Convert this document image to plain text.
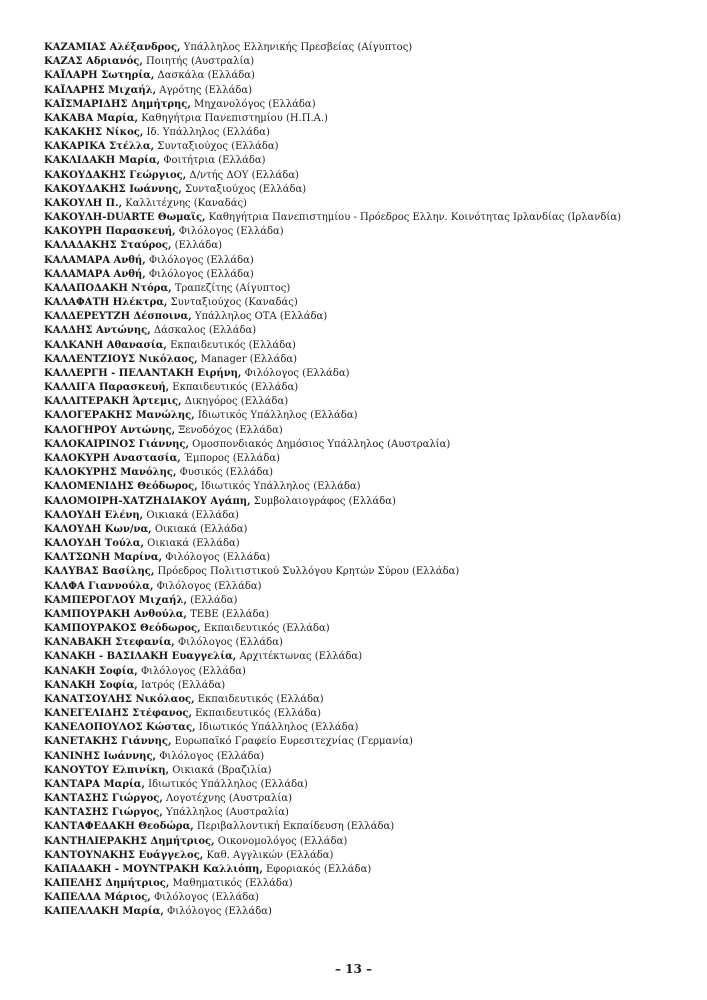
ΚΑΖΑΜΙΑΣ Αλέξανδρος, Υπάλληλος Ελληνικής Πρεσβείας (Αίγυπτος)
ΚΑΖΑΣ Αδριανός, Ποιητής (Αυστραλία)
ΚΑΪΛΑΡΗ Σωτηρία, Δασκάλα (Ελλάδα)
ΚΑΪΛΑΡΗΣ Μιχαήλ, Αγρότης (Ελλάδα)
ΚΑΪΣΜΑΡΙΔΗΣ Δημήτρης, Μηχανολόγος (Ελλάδα)
ΚΑΚΑΒΑ Μαρία, Καθηγήτρια Πανεπιστημίου (Η.Π.Α.)
ΚΑΚΑΚΗΣ Νίκος, Ιδ. Υπάλληλος (Ελλάδα)
ΚΑΚΑΡΙΚΑ Στέλλα, Συνταξιούχος (Ελλάδα)
ΚΑΚΛΙΔΑΚΗ Μαρία, Φοιτήτρια (Ελλάδα)
ΚΑΚΟΥΔΑΚΗΣ Γεώργιος, Δ/ντής ΔΟΥ (Ελλάδα)
ΚΑΚΟΥΔΑΚΗΣ Ιωάννης, Συνταξιούχος (Ελλάδα)
ΚΑΚΟΥΛΗ Π., Καλλιτέχνης (Καναδάς)
ΚΑΚΟΥΛΗ-DUARTE Θωμαΐς, Καθηγήτρια Πανεπιστημίου - Πρόεδρος Ελλην. Κοινότητας Ιρλανδίας (Ιρλανδία)
ΚΑΚΟΥΡΗ Παρασκευή, Φιλόλογος (Ελλάδα)
ΚΑΛΑΔΑΚΗΣ Σταύρος, (Ελλάδα)
ΚΑΛΑΜΑΡΑ Ανθή, Φιλόλογος (Ελλάδα)
ΚΑΛΑΜΑΡΑ Ανθή, Φιλόλογος (Ελλάδα)
ΚΑΛΑΠΟΔΑΚΗ Ντόρα, Τραπεζίτης (Αίγυπτος)
ΚΑΛΑΦΑΤΗ Ηλέκτρα, Συνταξιούχος (Καναδάς)
ΚΑΛΔΕΡΕΥΤΖΗ Δέσποινα, Υπάλληλος ΟΤΑ (Ελλάδα)
ΚΑΛΔΗΣ Αντώνης, Δάσκαλος (Ελλάδα)
ΚΑΛΚΑΝΗ Αθανασία, Εκπαιδευτικός (Ελλάδα)
ΚΑΛΛΕΝΤΖΙΟΥΣ Νικόλαος, Manager (Ελλάδα)
ΚΑΛΛΕΡΓΗ - ΠΕΛΑΝΤΑΚΗ Ειρήνη, Φιλόλογος (Ελλάδα)
ΚΑΛΛΙΓΑ Παρασκευή, Εκπαιδευτικός (Ελλάδα)
ΚΑΛΛΙΤΕΡΑΚΗ Άρτεμις, Δικηγόρος (Ελλάδα)
ΚΑΛΟΓΕΡΑΚΗΣ Μανώλης, Ιδιωτικός Υπάλληλος (Ελλάδα)
ΚΑΛΟΓΗΡΟΥ Αντώνης, Ξενοδόχος (Ελλάδα)
ΚΑΛΟΚΑΙΡΙΝΟΣ Γιάννης, Ομοσπονδιακός Δημόσιος Υπάλληλος (Αυστραλία)
ΚΑΛΟΚΥΡΗ Αναστασία, Έμπορος (Ελλάδα)
ΚΑΛΟΚΥΡΗΣ Μανόλης, Φυσικός (Ελλάδα)
ΚΑΛΟΜΕΝΙΔΗΣ Θεόδωρος, Ιδιωτικός Υπάλληλος (Ελλάδα)
ΚΑΛΟΜΟΙΡΗ-ΧΑΤΖΗΔΙΑΚΟΥ Αγάπη, Συμβολαιογράφος (Ελλάδα)
ΚΑΛΟΥΔΗ Ελένη, Οικιακά (Ελλάδα)
ΚΑΛΟΥΔΗ Κων/να, Οικιακά (Ελλάδα)
ΚΑΛΟΥΔΗ Τούλα, Οικιακά (Ελλάδα)
ΚΑΛΤΣΩΝΗ Μαρίνα, Φιλόλογος (Ελλάδα)
ΚΑΛΥΒΑΣ Βασίλης, Πρόεδρος Πολιτιστικού Συλλόγου Κρητών Σύρου (Ελλάδα)
ΚΑΛΦΑ Γιαννούλα, Φιλόλογος (Ελλάδα)
ΚΑΜΠΕΡΟΓΛΟΥ Μιχαήλ, (Ελλάδα)
ΚΑΜΠΟΥΡΑΚΗ Ανθούλα, ΤΕΒΕ (Ελλάδα)
ΚΑΜΠΟΥΡΑΚΟΣ Θεόδωρος, Εκπαιδευτικός (Ελλάδα)
ΚΑΝΑΒΑΚΗ Στεφανία, Φιλόλογος (Ελλάδα)
ΚΑΝΑΚΗ - ΒΑΣΙΛΑΚΗ Ευαγγελία, Αρχιτέκτωνας (Ελλάδα)
ΚΑΝΑΚΗ Σοφία, Φιλόλογος (Ελλάδα)
ΚΑΝΑΚΗ Σοφία, Ιατρός (Ελλάδα)
ΚΑΝΑΤΣΟΥΛΗΣ Νικόλαος, Εκπαιδευτικός (Ελλάδα)
ΚΑΝΕΓΕΛΙΔΗΣ Στέφανος, Εκπαιδευτικός (Ελλάδα)
ΚΑΝΕΛΟΠΟΥΛΟΣ Κώστας, Ιδιωτικός Υπάλληλος (Ελλάδα)
ΚΑΝΕΤΑΚΗΣ Γιάννης, Ευρωπαϊκό Γραφείο Ευρεσιτεχνίας (Γερμανία)
ΚΑΝΙΝΗΣ Ιωάννης, Φιλόλογος (Ελλάδα)
ΚΑΝΟΥΤΟΥ Ελπινίκη, Οικιακά (Βραζιλία)
ΚΑΝΤΑΡΑ Μαρία, Ιδιωτικός Υπάλληλος (Ελλάδα)
ΚΑΝΤΑΣΗΣ Γιώργος, Λογοτέχνης (Αυστραλία)
ΚΑΝΤΑΣΗΣ Γιώργος, Υπάλληλος (Αυστραλία)
ΚΑΝΤΑΦΕΔΑΚΗ Θεοδώρα, Περιβαλλοντική Εκπαίδευση (Ελλάδα)
ΚΑΝΤΗΛΙΕΡΑΚΗΣ Δημήτριος, Οικονομολόγος (Ελλάδα)
ΚΑΝΤΟΥΝΑΚΗΣ Ευάγγελος, Καθ. Αγγλικών (Ελλάδα)
ΚΑΠΑΔΑΚΗ - ΜΟΥΝΤΡΑΚΗ Καλλιόπη, Εφοριακός (Ελλάδα)
ΚΑΠΕΛΗΣ Δημήτριος, Μαθηματικός (Ελλάδα)
ΚΑΠΕΛΛΑ Μάριος, Φιλόλογος (Ελλάδα)
ΚΑΠΕΛΛΑΚΗ Μαρία, Φιλόλογος (Ελλάδα)
– 13 –
